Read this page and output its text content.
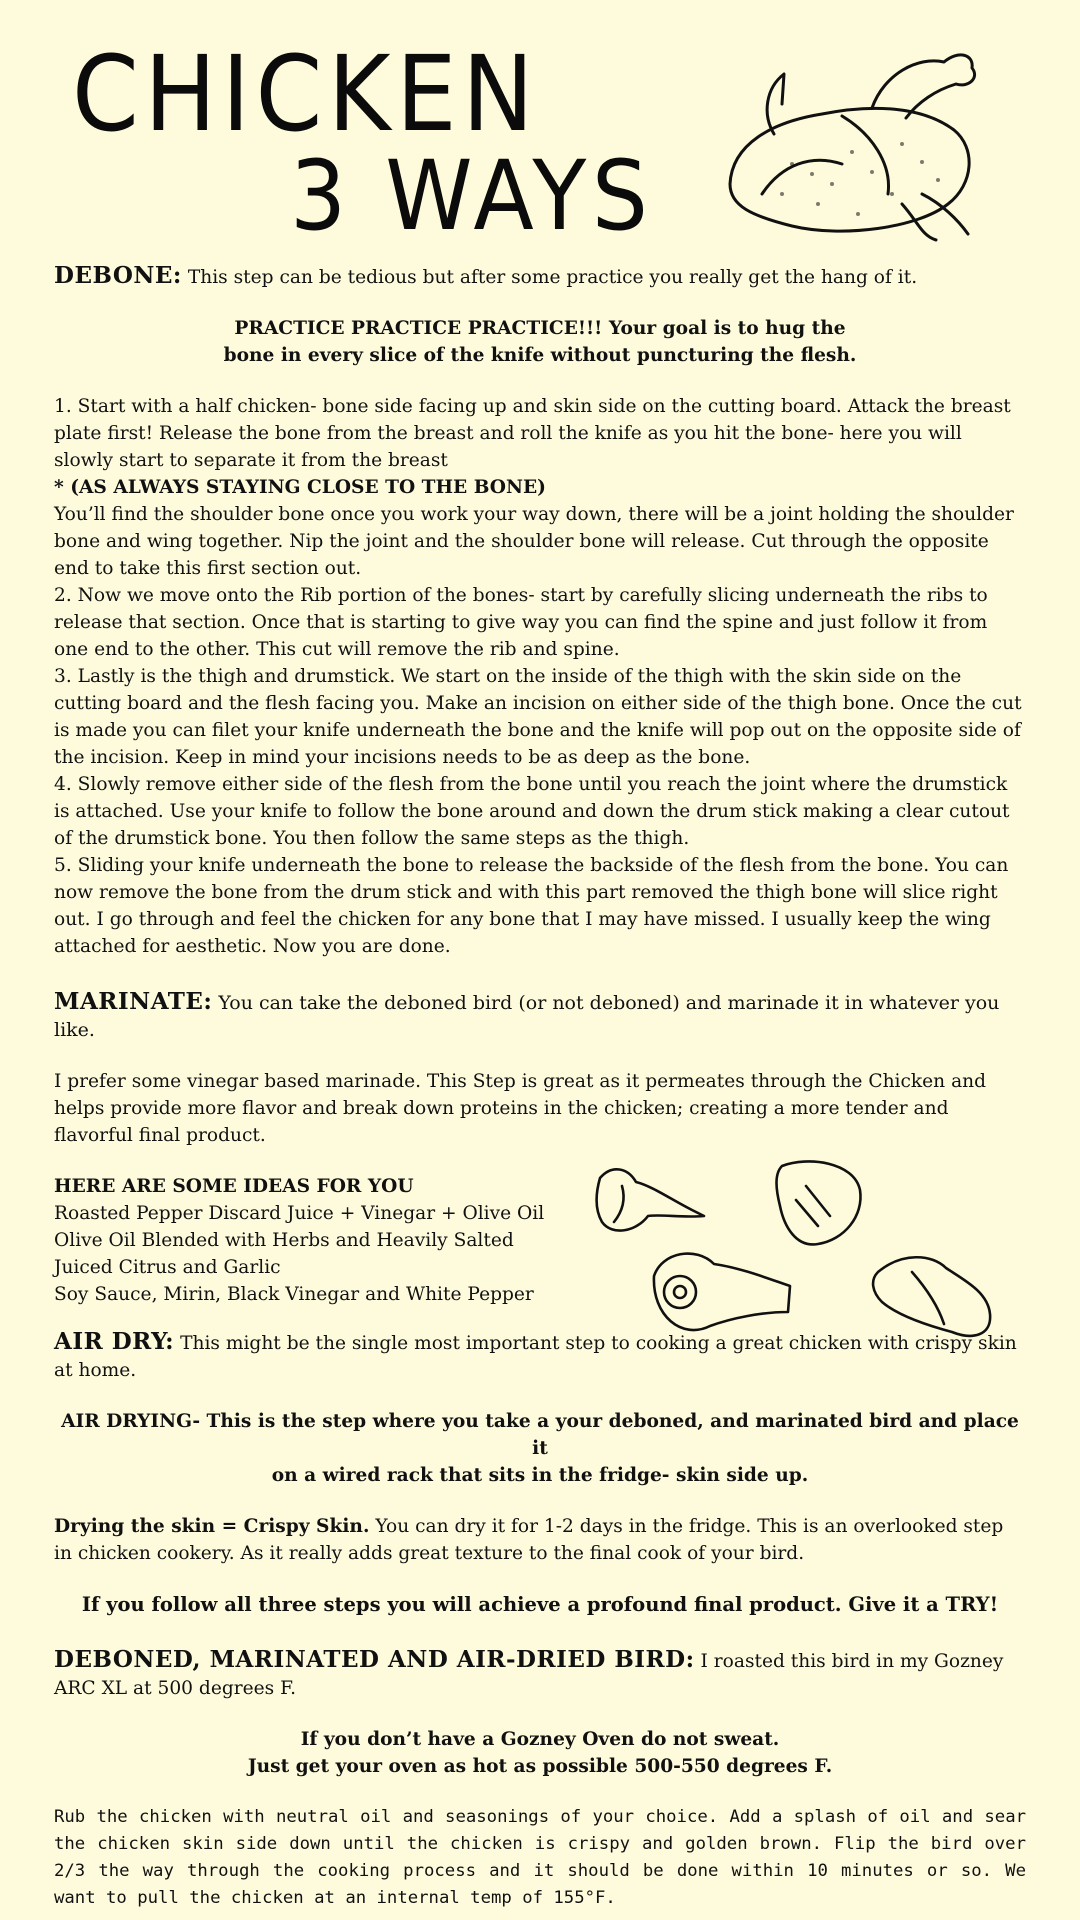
CHICKEN
3 WAYS

DEBONE: This step can be tedious but after some practice you really get the hang of it.

PRACTICE PRACTICE PRACTICE!!! Your goal is to hug the

bone in every slice of the knife without puncturing the flesh.

1. Start with a half chicken- bone side facing up and skin side on the cutting board. Attack the breast plate first! Release the bone from the breast and roll the knife as you hit the bone- here you will slowly start to separate it from the breast

* (AS ALWAYS STAYING CLOSE TO THE BONE)

You’ll find the shoulder bone once you work your way down, there will be a joint holding the shoulder bone and wing together. Nip the joint and the shoulder bone will release. Cut through the opposite end to take this first section out.

2. Now we move onto the Rib portion of the bones- start by carefully slicing underneath the ribs to release that section. Once that is starting to give way you can find the spine and just follow it from one end to the other. This cut will remove the rib and spine.

3. Lastly is the thigh and drumstick. We start on the inside of the thigh with the skin side on the cutting board and the flesh facing you. Make an incision on either side of the thigh bone. Once the cut is made you can filet your knife underneath the bone and the knife will pop out on the opposite side of the incision. Keep in mind your incisions needs to be as deep as the bone.

4. Slowly remove either side of the flesh from the bone until you reach the joint where the drumstick is attached. Use your knife to follow the bone around and down the drum stick making a clear cutout of the drumstick bone. You then follow the same steps as the thigh.

5. Sliding your knife underneath the bone to release the backside of the flesh from the bone. You can now remove the bone from the drum stick and with this part removed the thigh bone will slice right out. I go through and feel the chicken for any bone that I may have missed. I usually keep the wing attached for aesthetic. Now you are done.

MARINATE: You can take the deboned bird (or not deboned) and marinade it in whatever you like.

I prefer some vinegar based marinade. This Step is great as it permeates through the Chicken and helps provide more flavor and break down proteins in the chicken; creating a more tender and flavorful final product.

HERE ARE SOME IDEAS FOR YOU

Roasted Pepper Discard Juice + Vinegar + Olive Oil

Olive Oil Blended with Herbs and Heavily Salted

Juiced Citrus and Garlic

Soy Sauce, Mirin, Black Vinegar and White Pepper

AIR DRY: This might be the single most important step to cooking a great chicken with crispy skin at home.

AIR DRYING- This is the step where you take a your deboned, and marinated bird and place it

on a wired rack that sits in the fridge- skin side up.

Drying the skin = Crispy Skin. You can dry it for 1-2 days in the fridge. This is an overlooked step in chicken cookery. As it really adds great texture to the final cook of your bird.

If you follow all three steps you will achieve a profound final product. Give it a TRY!

DEBONED, MARINATED AND AIR-DRIED BIRD: I roasted this bird in my Gozney ARC XL at 500 degrees F.

If you don’t have a Gozney Oven do not sweat.

Just get your oven as hot as possible 500-550 degrees F.

Rub the chicken with neutral oil and seasonings of your choice. Add a splash of oil and sear the chicken skin side down until the chicken is crispy and golden brown. Flip the bird over 2/3 the way through the cooking process and it should be done within 10 minutes or so. We want to pull the chicken at an internal temp of 155°F.
